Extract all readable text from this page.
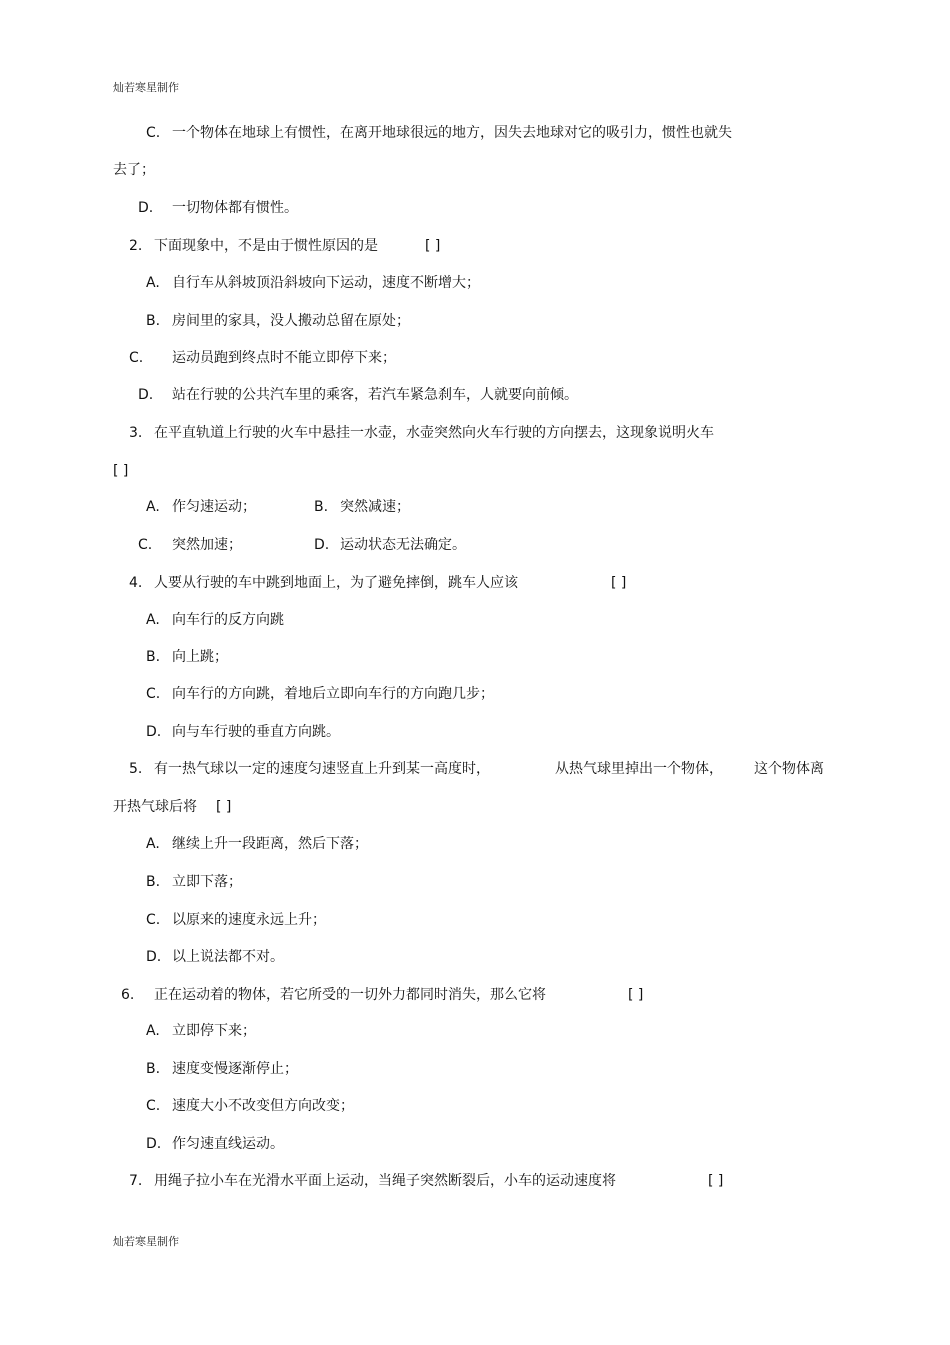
灿若寒星制作
C. 一个物体在地球上有惯性，在离开地球很远的地方，因失去地球对它的吸引力，惯性也就失
去了；
D. 一切物体都有惯性。
2. 下面现象中，不是由于惯性原因的是	[ ]
A. 自行车从斜坡顶沿斜坡向下运动，速度不断增大；
B. 房间里的家具，没人搬动总留在原处；
C. 运动员跑到终点时不能立即停下来；
D. 站在行驶的公共汽车里的乘客，若汽车紧急刹车，人就要向前倾。
3. 在平直轨道上行驶的火车中悬挂一水壶，水壶突然向火车行驶的方向摆去，这现象说明火车
[ ]
A. 作匀速运动；	B. 突然减速；
C. 突然加速；	D. 运动状态无法确定。
4. 人要从行驶的车中跳到地面上，为了避免摔倒，跳车人应该	[ ]
A. 向车行的反方向跳
B. 向上跳；
C. 向车行的方向跳，着地后立即向车行的方向跑几步；
D. 向与车行驶的垂直方向跳。
5. 有一热气球以一定的速度匀速竖直上升到某一高度时，	从热气球里掉出一个物体， 这个物体离
开热气球后将 [ ]
A. 继续上升一段距离，然后下落；
B. 立即下落；
C. 以原来的速度永远上升；
D. 以上说法都不对。
6. 正在运动着的物体，若它所受的一切外力都同时消失，那么它将	[ ]
A. 立即停下来；
B. 速度变慢逐渐停止；
C. 速度大小不改变但方向改变；
D. 作匀速直线运动。
7. 用绳子拉小车在光滑水平面上运动，当绳子突然断裂后，小车的运动速度将	[ ]
灿若寒星制作
